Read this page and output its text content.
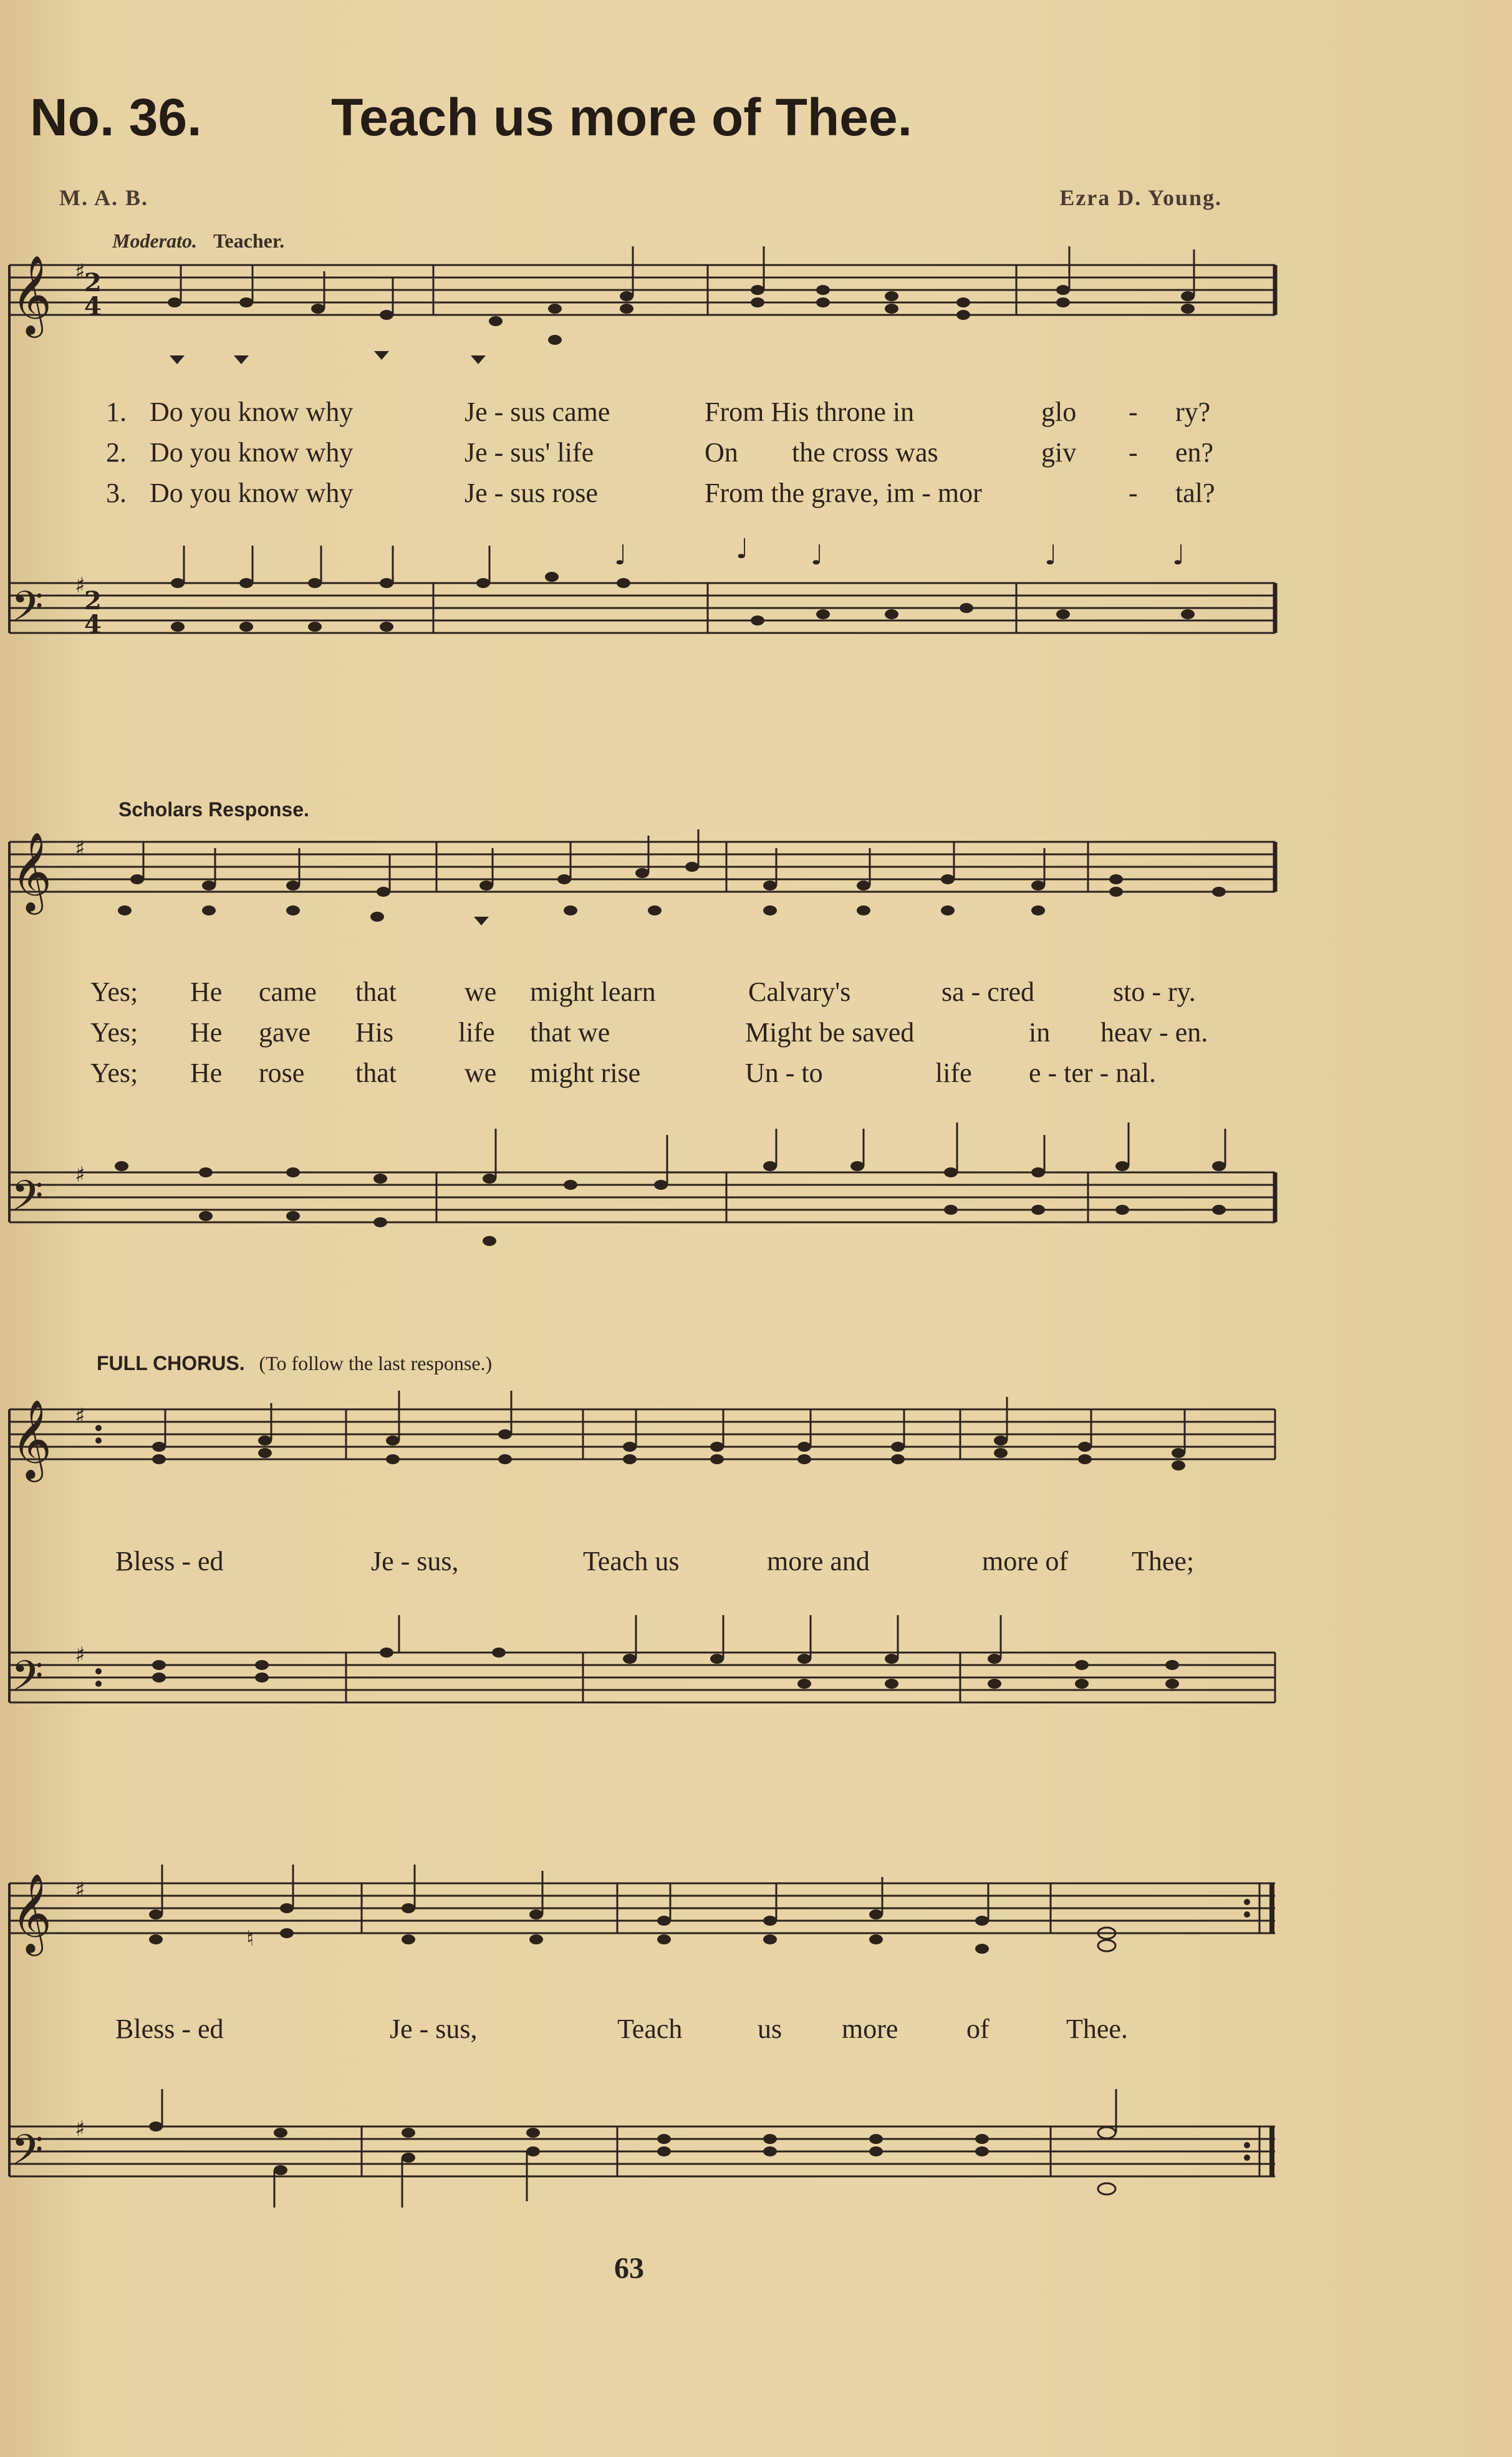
No. 36. Teach us more of Thee.
M. A. B.	Ezra D. Young.
Moderato. Teacher.
𝄞
𝄢
♯
♯
2
4
2
4
♩	♩ ♩	♩	♩
1. Do you know why	Je - sus came	From His throne in	glo - ry?
2. Do you know why	Je - sus' life	On the cross was	giv - en?
3. Do you know why	Je - sus rose	From the grave, im - mor	- tal?
Scholars Response.
𝄞
𝄢
♯
♯
Yes; He came that we might learn	Calvary's	sa - cred	sto - ry.
Yes; He gave His life that we	Might be saved	in heav - en.
Yes; He rose that we might rise	Un - to	life e - ter - nal.
FULL CHORUS. (To follow the last response.)
𝄞
𝄢
♯
♯
Bless - ed	Je - sus,	Teach us	more and	more of Thee;
𝄞
𝄢
♯
♯
♮
Bless - ed	Je - sus,	Teach	us more of	Thee.
63
